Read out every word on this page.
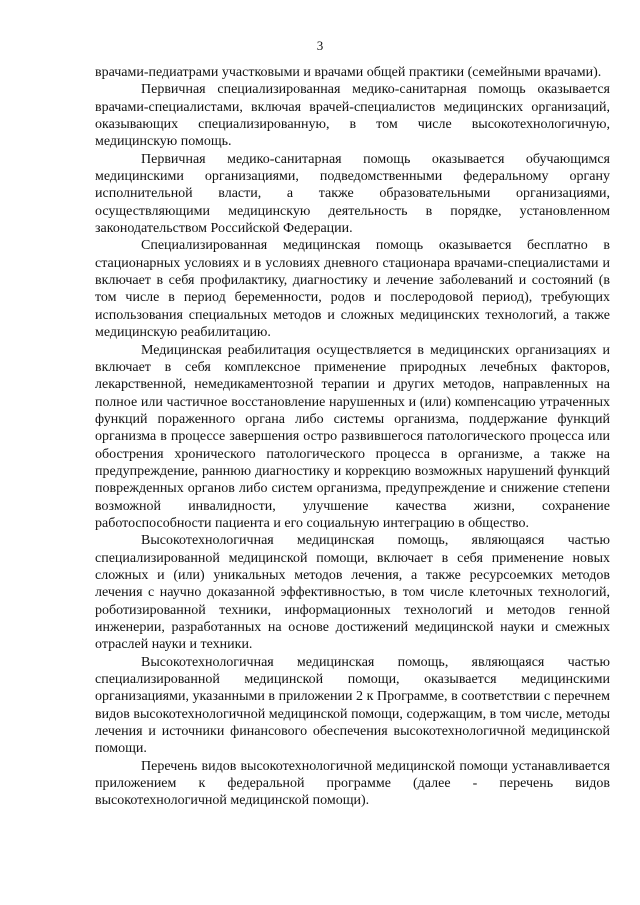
3

врачами-педиатрами участковыми и врачами общей практики (семейными врачами).

Первичная специализированная медико-санитарная помощь оказывается врачами-специалистами, включая врачей-специалистов медицинских организаций, оказывающих специализированную, в том числе высокотехнологичную, медицинскую помощь.

Первичная медико-санитарная помощь оказывается обучающимся медицинскими организациями, подведомственными федеральному органу исполнительной власти, а также образовательными организациями, осуществляющими медицинскую деятельность в порядке, установленном законодательством Российской Федерации.

Специализированная медицинская помощь оказывается бесплатно в стационарных условиях и в условиях дневного стационара врачами-специалистами и включает в себя профилактику, диагностику и лечение заболеваний и состояний (в том числе в период беременности, родов и послеродовой период), требующих использования специальных методов и сложных медицинских технологий, а также медицинскую реабилитацию.

Медицинская реабилитация осуществляется в медицинских организациях и включает в себя комплексное применение природных лечебных факторов, лекарственной, немедикаментозной терапии и других методов, направленных на полное или частичное восстановление нарушенных и (или) компенсацию утраченных функций пораженного органа либо системы организма, поддержание функций организма в процессе завершения остро развившегося патологического процесса или обострения хронического патологического процесса в организме, а также на предупреждение, раннюю диагностику и коррекцию возможных нарушений функций поврежденных органов либо систем организма, предупреждение и снижение степени возможной инвалидности, улучшение качества жизни, сохранение работоспособности пациента и его социальную интеграцию в общество.

Высокотехнологичная медицинская помощь, являющаяся частью специализированной медицинской помощи, включает в себя применение новых сложных и (или) уникальных методов лечения, а также ресурсоемких методов лечения с научно доказанной эффективностью, в том числе клеточных технологий, роботизированной техники, информационных технологий и методов генной инженерии, разработанных на основе достижений медицинской науки и смежных отраслей науки и техники.

Высокотехнологичная медицинская помощь, являющаяся частью специализированной медицинской помощи, оказывается медицинскими организациями, указанными в приложении 2 к Программе, в соответствии с перечнем видов высокотехнологичной медицинской помощи, содержащим, в том числе, методы лечения и источники финансового обеспечения высокотехнологичной медицинской помощи.

Перечень видов высокотехнологичной медицинской помощи устанавливается приложением к федеральной программе (далее - перечень видов высокотехнологичной медицинской помощи).
